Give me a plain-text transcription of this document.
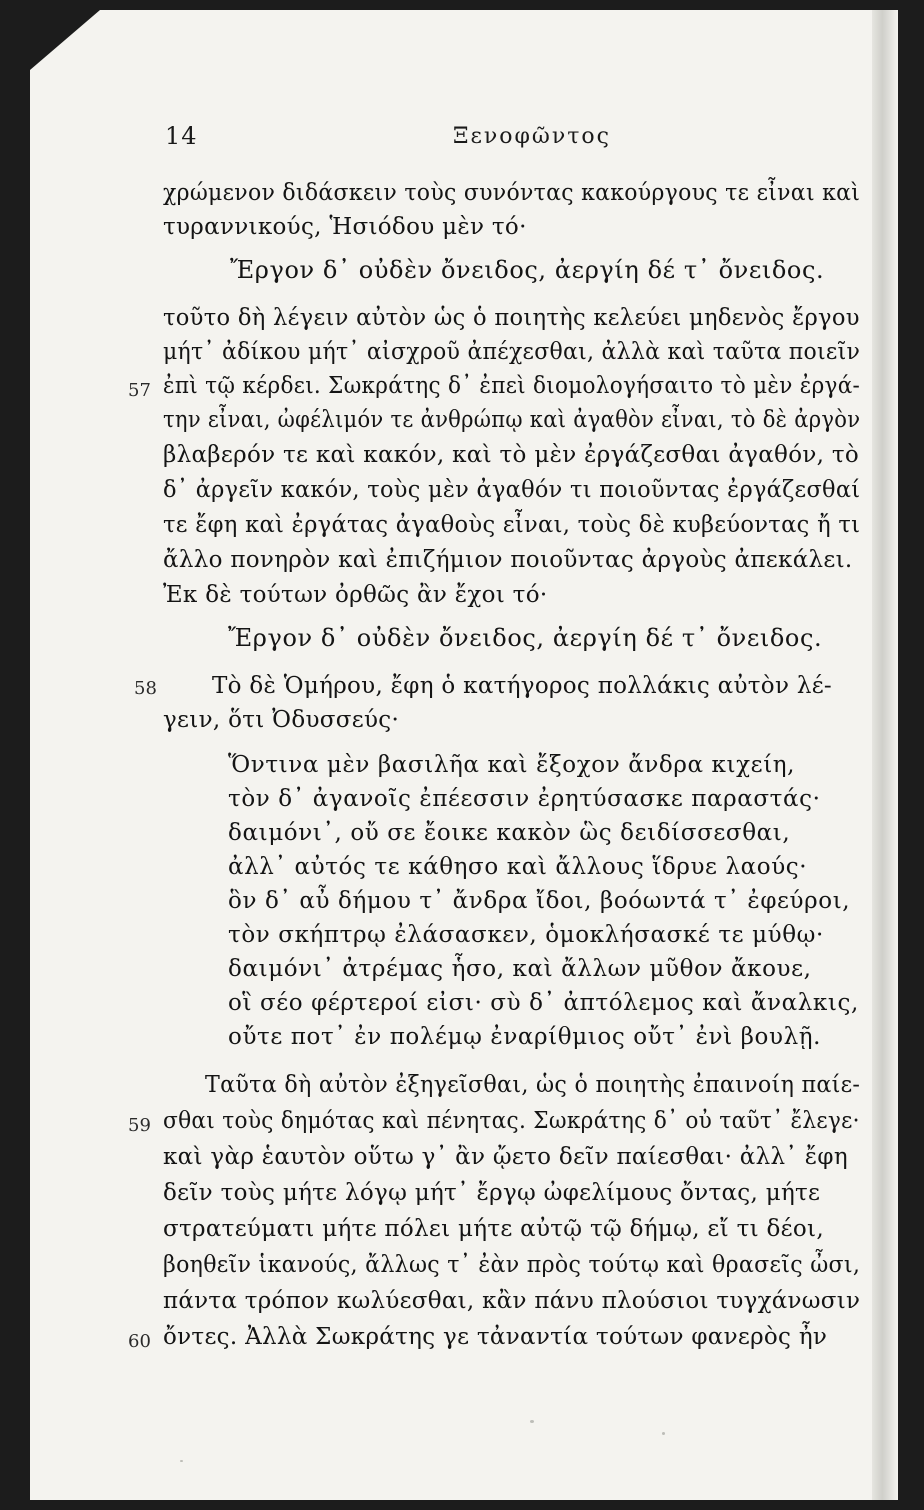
14	Ξενοφῶντος
χρώμενον διδάσκειν τοὺς συνόντας κακούργους τε εἶναι καὶ
τυραννικούς, Ἡσιόδου μὲν τό·
Ἔργον δ᾽ οὐδὲν ὄνειδος, ἀεργίη δέ τ᾽ ὄνειδος.
τοῦτο δὴ λέγειν αὐτὸν ὡς ὁ ποιητὴς κελεύει μηδενὸς ἔργου
μήτ᾽ ἀδίκου μήτ᾽ αἰσχροῦ ἀπέχεσθαι, ἀλλὰ καὶ ταῦτα ποιεῖν
ἐπὶ τῷ κέρδει. Σωκράτης δ᾽ ἐπεὶ διομολογήσαιτο τὸ μὲν ἐργά-
την εἶναι, ὠφέλιμόν τε ἀνθρώπῳ καὶ ἀγαθὸν εἶναι, τὸ δὲ ἀργὸν
βλαβερόν τε καὶ κακόν, καὶ τὸ μὲν ἐργάζεσθαι ἀγαθόν, τὸ
δ᾽ ἀργεῖν κακόν, τοὺς μὲν ἀγαθόν τι ποιοῦντας ἐργάζεσθαί
τε ἔφη καὶ ἐργάτας ἀγαθοὺς εἶναι, τοὺς δὲ κυβεύοντας ἤ τι
ἄλλο πονηρὸν καὶ ἐπιζήμιον ποιοῦντας ἀργοὺς ἀπεκάλει.
Ἐκ δὲ τούτων ὀρθῶς ἂν ἔχοι τό·
Ἔργον δ᾽ οὐδὲν ὄνειδος, ἀεργίη δέ τ᾽ ὄνειδος.
Τὸ δὲ Ὁμήρου, ἔφη ὁ κατήγορος πολλάκις αὐτὸν λέ-
γειν, ὅτι Ὀδυσσεύς·
Ὅντινα μὲν βασιλῆα καὶ ἔξοχον ἄνδρα κιχείη,
τὸν δ᾽ ἀγανοῖς ἐπέεσσιν ἐρητύσασκε παραστάς·
δαιμόνι᾽, οὔ σε ἔοικε κακὸν ὣς δειδίσσεσθαι,
ἀλλ᾽ αὐτός τε κάθησο καὶ ἄλλους ἵδρυε λαούς·
ὃν δ᾽ αὖ δήμου τ᾽ ἄνδρα ἴδοι, βοόωντά τ᾽ ἐφεύροι,
τὸν σκήπτρῳ ἐλάσασκεν, ὁμοκλήσασκέ τε μύθῳ·
δαιμόνι᾽ ἀτρέμας ἧσο, καὶ ἄλλων μῦθον ἄκουε,
οἳ σέο φέρτεροί εἰσι· σὺ δ᾽ ἀπτόλεμος καὶ ἄναλκις,
οὔτε ποτ᾽ ἐν πολέμῳ ἐναρίθμιος οὔτ᾽ ἐνὶ βουλῇ.
Ταῦτα δὴ αὐτὸν ἐξηγεῖσθαι, ὡς ὁ ποιητὴς ἐπαινοίη παίε-
σθαι τοὺς δημότας καὶ πένητας. Σωκράτης δ᾽ οὐ ταῦτ᾽ ἔλεγε·
καὶ γὰρ ἑαυτὸν οὕτω γ᾽ ἂν ᾤετο δεῖν παίεσθαι· ἀλλ᾽ ἔφη
δεῖν τοὺς μήτε λόγῳ μήτ᾽ ἔργῳ ὠφελίμους ὄντας, μήτε
στρατεύματι μήτε πόλει μήτε αὐτῷ τῷ δήμῳ, εἴ τι δέοι,
βοηθεῖν ἱκανούς, ἄλλως τ᾽ ἐὰν πρὸς τούτῳ καὶ θρασεῖς ὦσι,
πάντα τρόπον κωλύεσθαι, κἂν πάνυ πλούσιοι τυγχάνωσιν
ὄντες. Ἀλλὰ Σωκράτης γε τἀναντία τούτων φανερὸς ἦν
57
58
59
60
